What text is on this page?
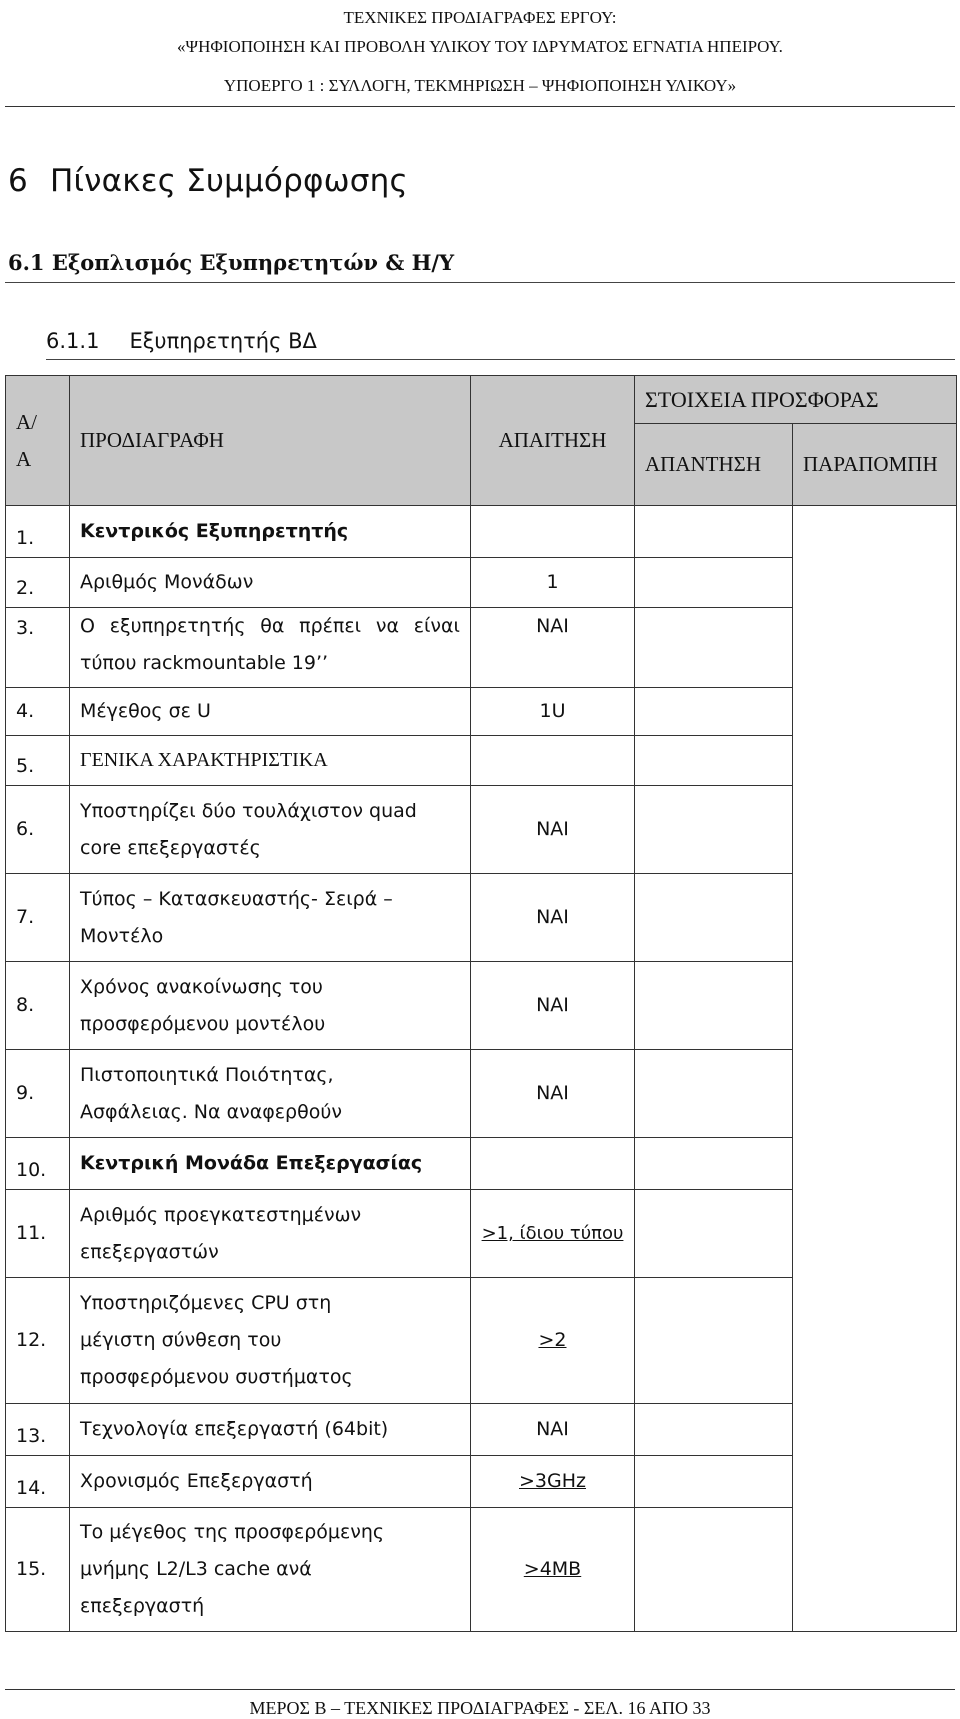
ΤΕΧΝΙΚΕΣ ΠΡΟΔΙΑΓΡΑΦΕΣ ΕΡΓΟΥ:
«ΨΗΦΙΟΠΟΙΗΣΗ ΚΑΙ ΠΡΟΒΟΛΗ ΥΛΙΚΟΥ ΤΟΥ ΙΔΡΥΜΑΤΟΣ ΕΓΝΑΤΙΑ ΗΠΕΙΡΟΥ.
ΥΠΟΕΡΓΟ 1 : ΣΥΛΛΟΓΗ, ΤΕΚΜΗΡΙΩΣΗ – ΨΗΦΙΟΠΟΙΗΣΗ ΥΛΙΚΟΥ»
6 Πίνακες Συμμόρφωσης
6.1 Εξοπλισμός Εξυπηρετητών & Η/Υ
6.1.1 Εξυπηρετητής ΒΔ
Α/Α	ΠΡΟΔΙΑΓΡΑΦΗ	ΑΠΑΙΤΗΣΗ	ΣΤΟΙΧΕΙΑ ΠΡΟΣΦΟΡΑΣ	
			ΑΠΑΝΤΗΣΗ	ΠΑΡΑΠΟΜΠΗ
1.	Κεντρικός Εξυπηρετητής			
2.	Αριθμός Μονάδων	1		
3.	Ο εξυπηρετητής θα πρέπει να είναι τύπου rackmountable 19’’	ΝΑΙ		
4.	Μέγεθος σε U	1U		
5.	ΓΕΝΙΚΑ ΧΑΡΑΚΤΗΡΙΣΤΙΚΑ			
6.	Υποστηρίζει δύο τουλάχιστον quad core επεξεργαστές	ΝΑΙ		
7.	Τύπος – Κατασκευαστής- Σειρά – Μοντέλο	ΝΑΙ		
8.	Χρόνος ανακοίνωσης του προσφερόμενου μοντέλου	ΝΑΙ		
9.	Πιστοποιητικά Ποιότητας, Ασφάλειας. Να αναφερθούν	ΝΑΙ		
10.	Κεντρική Μονάδα Επεξεργασίας			
11.	Αριθμός προεγκατεστημένων επεξεργαστών	>1, ίδιου τύπου		
12.	Υποστηριζόμενες CPU στη μέγιστη σύνθεση του προσφερόμενου συστήματος	>2		
13.	Τεχνολογία επεξεργαστή (64bit)	ΝΑΙ		
14.	Χρονισμός Επεξεργαστή	>3GHz		
15.	Το μέγεθος της προσφερόμενης μνήμης L2/L3 cache ανά επεξεργαστή	>4MB		
ΜΕΡΟΣ Β – ΤΕΧΝΙΚΕΣ ΠΡΟΔΙΑΓΡΑΦΕΣ - ΣΕΛ. 16 ΑΠΟ 33
